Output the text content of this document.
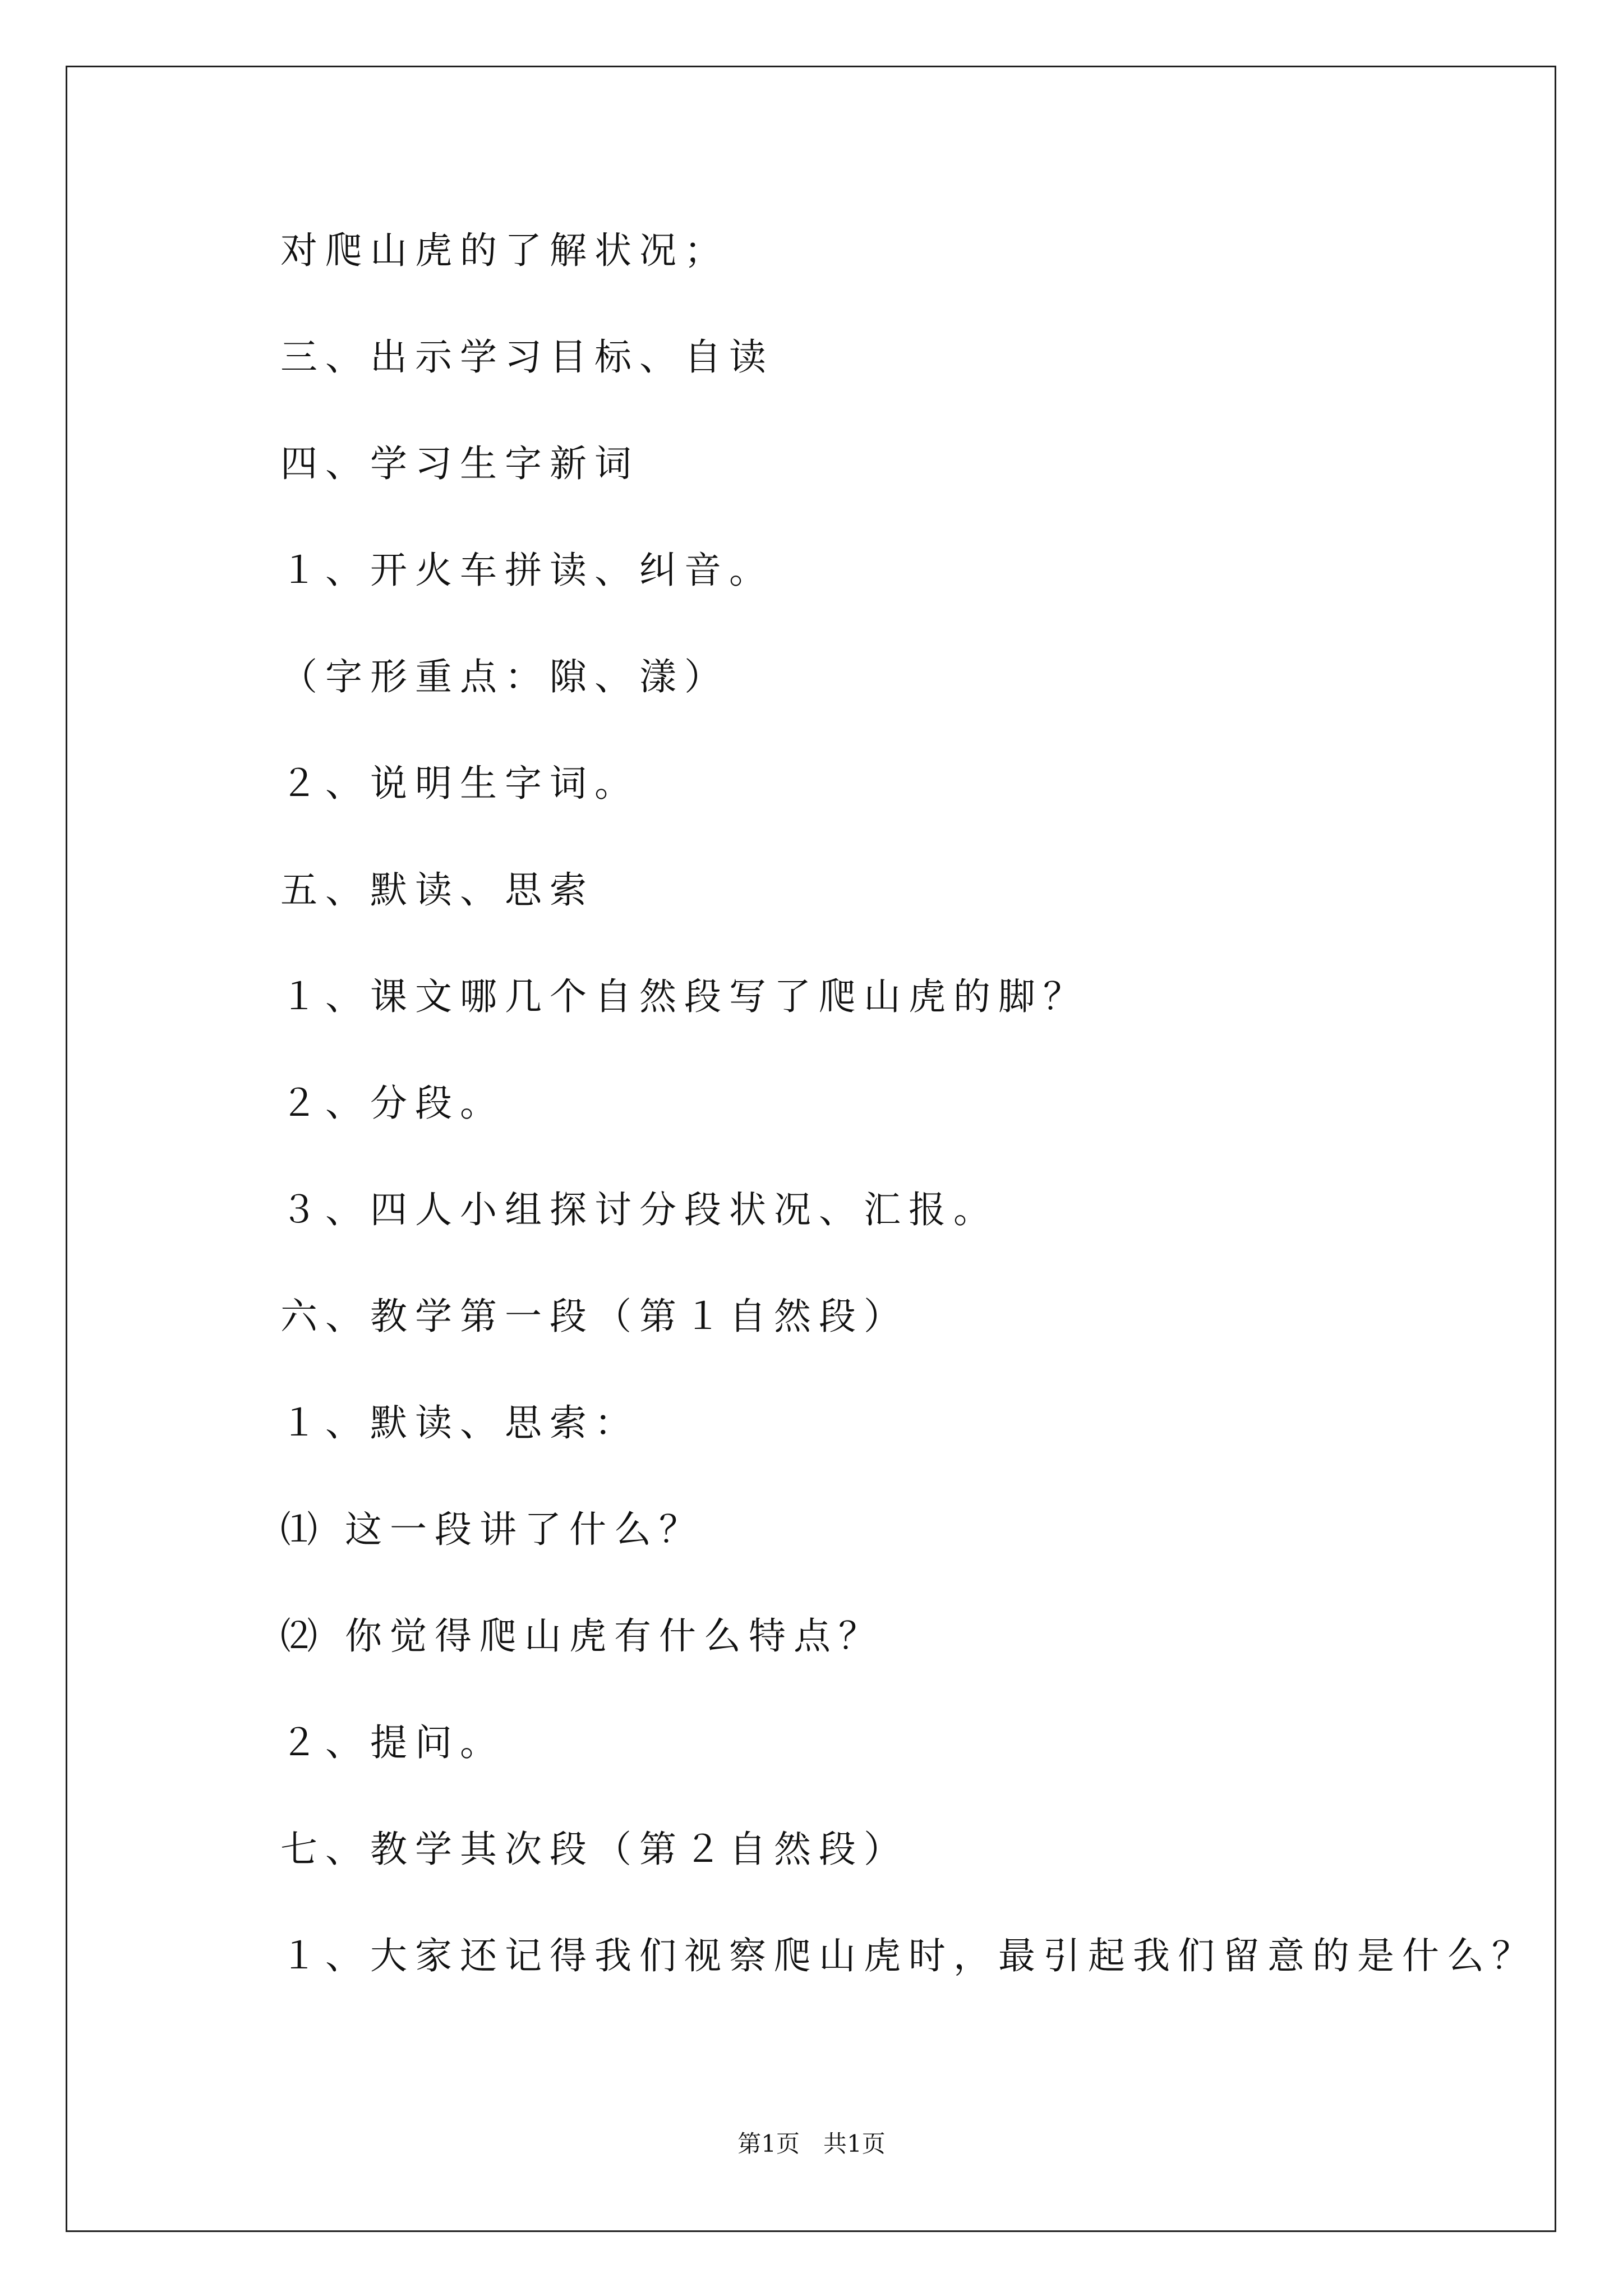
对爬山虎的了解状况；
三、出示学习目标、自读
四、学习生字新词
１、开火车拼读、纠音。
（字形重点：隙、漾）
２、说明生字词。
五、默读、思索
１、课文哪几个自然段写了爬山虎的脚？
２、分段。
３、四人小组探讨分段状况、汇报。
六、教学第一段（第１自然段）
１、默读、思索：
⑴ 这一段讲了什么？
⑵ 你觉得爬山虎有什么特点？
２、提问。
七、教学其次段（第２自然段）
１、大家还记得我们视察爬山虎时，最引起我们留意的是什么？
第1页　共1页
